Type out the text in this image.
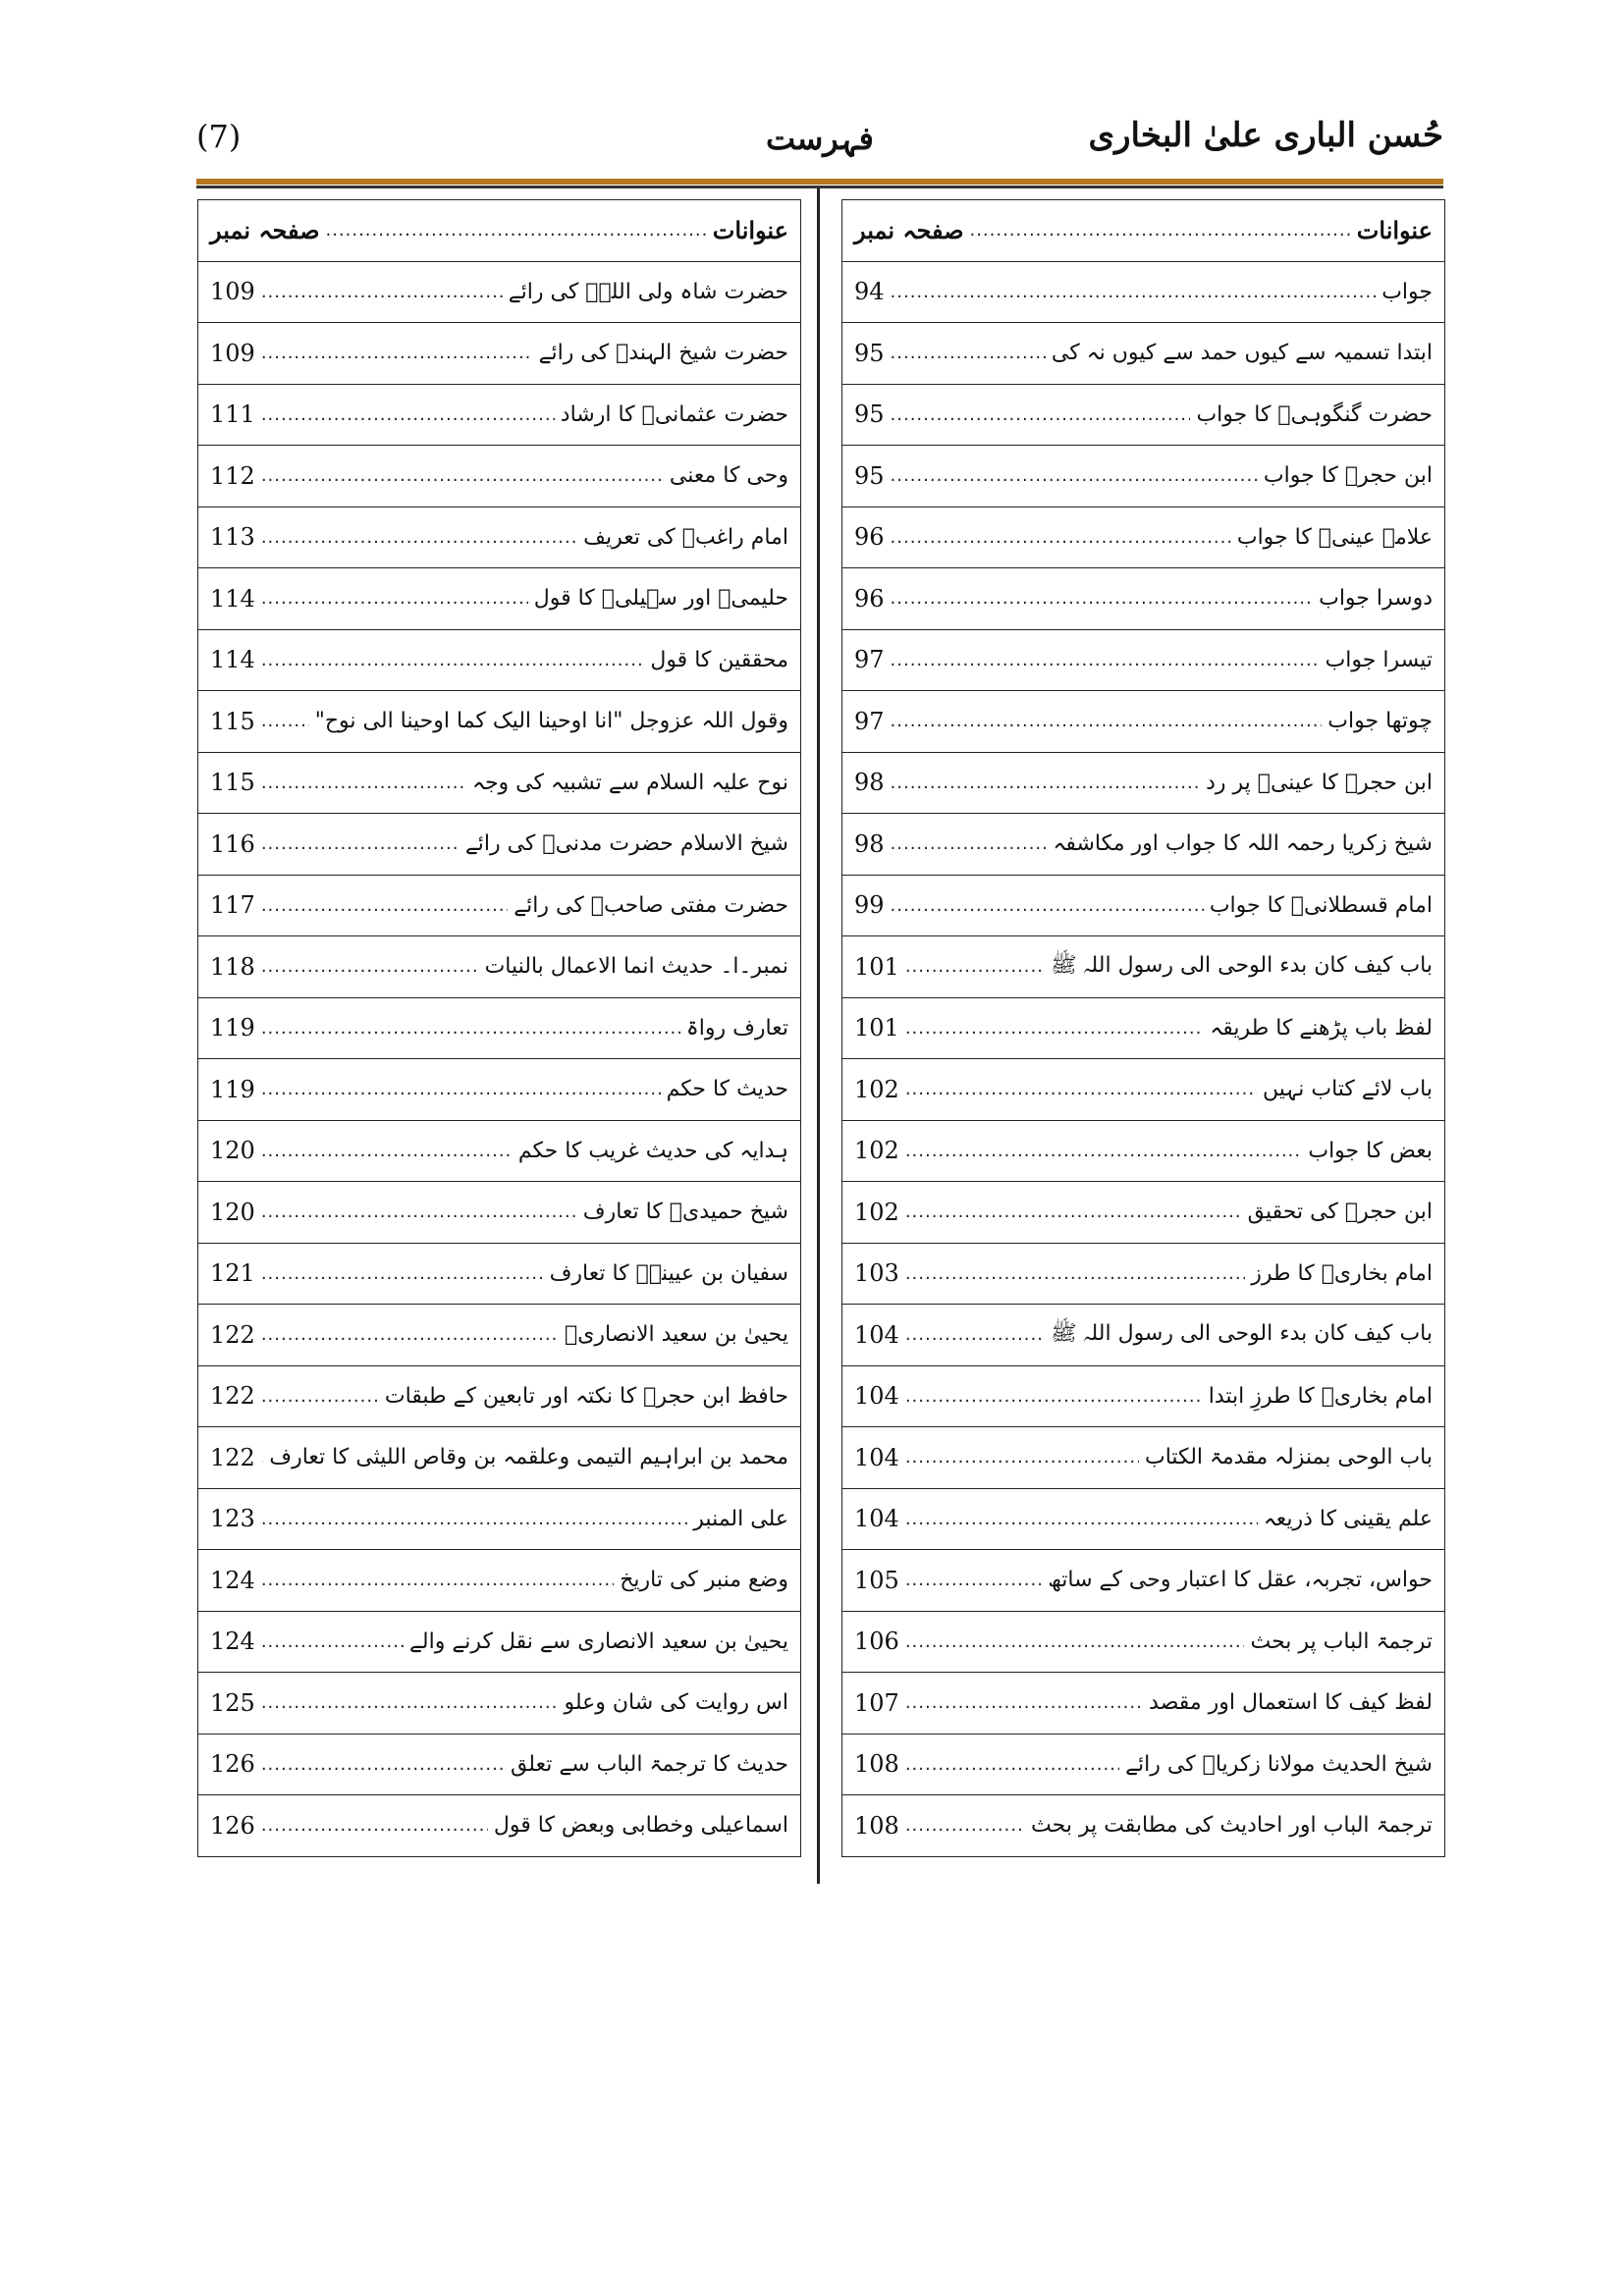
حُسن الباری علیٰ البخاری
فہرست
(7)
عنوانات
.....
صفحہ نمبر
جواب
.....
94
ابتدا تسمیہ سے کیوں حمد سے کیوں نہ کی
.....
95
حضرت گنگوہیؒ کا جواب
.....
95
ابن حجرؒ کا جواب
.....
95
علامہ عینیؒ کا جواب
.....
96
دوسرا جواب
.....
96
تیسرا جواب
.....
97
چوتھا جواب
.....
97
ابن حجرؒ کا عینیؒ پر رد
.....
98
شیخ زکریا رحمہ اللہ کا جواب اور مکاشفہ
.....
98
امام قسطلانیؒ کا جواب
.....
99
باب کیف کان بدء الوحی الی رسول اللہ ﷺ
.....
101
لفظ باب پڑھنے کا طریقہ
.....
101
باب لائے کتاب نہیں
.....
102
بعض کا جواب
.....
102
ابن حجرؒ کی تحقیق
.....
102
امام بخاریؒ کا طرز
.....
103
باب کیف کان بدء الوحی الی رسول اللہ ﷺ
.....
104
امام بخاریؒ کا طرزِ ابتدا
.....
104
باب الوحی بمنزلہ مقدمۃ الکتاب
.....
104
علم یقینی کا ذریعہ
.....
104
حواس، تجربہ، عقل کا اعتبار وحی کے ساتھ
.....
105
ترجمۃ الباب پر بحث
.....
106
لفظ کیف کا استعمال اور مقصد
.....
107
شیخ الحدیث مولانا زکریاؒ کی رائے
.....
108
ترجمۃ الباب اور احادیث کی مطابقت پر بحث
.....
108
عنوانات
.....
صفحہ نمبر
حضرت شاہ ولی اللہؒ کی رائے
.....
109
حضرت شیخ الہندؒ کی رائے
.....
109
حضرت عثمانیؒ کا ارشاد
.....
111
وحی کا معنی
.....
112
امام راغبؒ کی تعریف
.....
113
حلیمیؒ اور سہیلیؒ کا قول
.....
114
محققین کا قول
.....
114
وقول اللہ عزوجل "انا اوحینا الیک کما اوحینا الی نوح"
.....
115
نوح علیہ السلام سے تشبیہ کی وجہ
.....
115
شیخ الاسلام حضرت مدنیؒ کی رائے
.....
116
حضرت مفتی صاحبؒ کی رائے
.....
117
نمبر۔ا۔ حدیث انما الاعمال بالنیات
.....
118
تعارف رواۃ
.....
119
حدیث کا حکم
.....
119
ہدایہ کی حدیث غریب کا حکم
.....
120
شیخ حمیدیؒ کا تعارف
.....
120
سفیان بن عیینہؒ کا تعارف
.....
121
یحییٰ بن سعید الانصاریؒ
.....
122
حافظ ابن حجرؒ کا نکتہ اور تابعین کے طبقات
.....
122
محمد بن ابراہیم التیمی وعلقمہ بن وقاص اللیثی کا تعارف
.....
122
علی المنبر
.....
123
وضع منبر کی تاریخ
.....
124
یحییٰ بن سعید الانصاری سے نقل کرنے والے
.....
124
اس روایت کی شان وعلو
.....
125
حدیث کا ترجمۃ الباب سے تعلق
.....
126
اسماعیلی وخطابی وبعض کا قول
.....
126
